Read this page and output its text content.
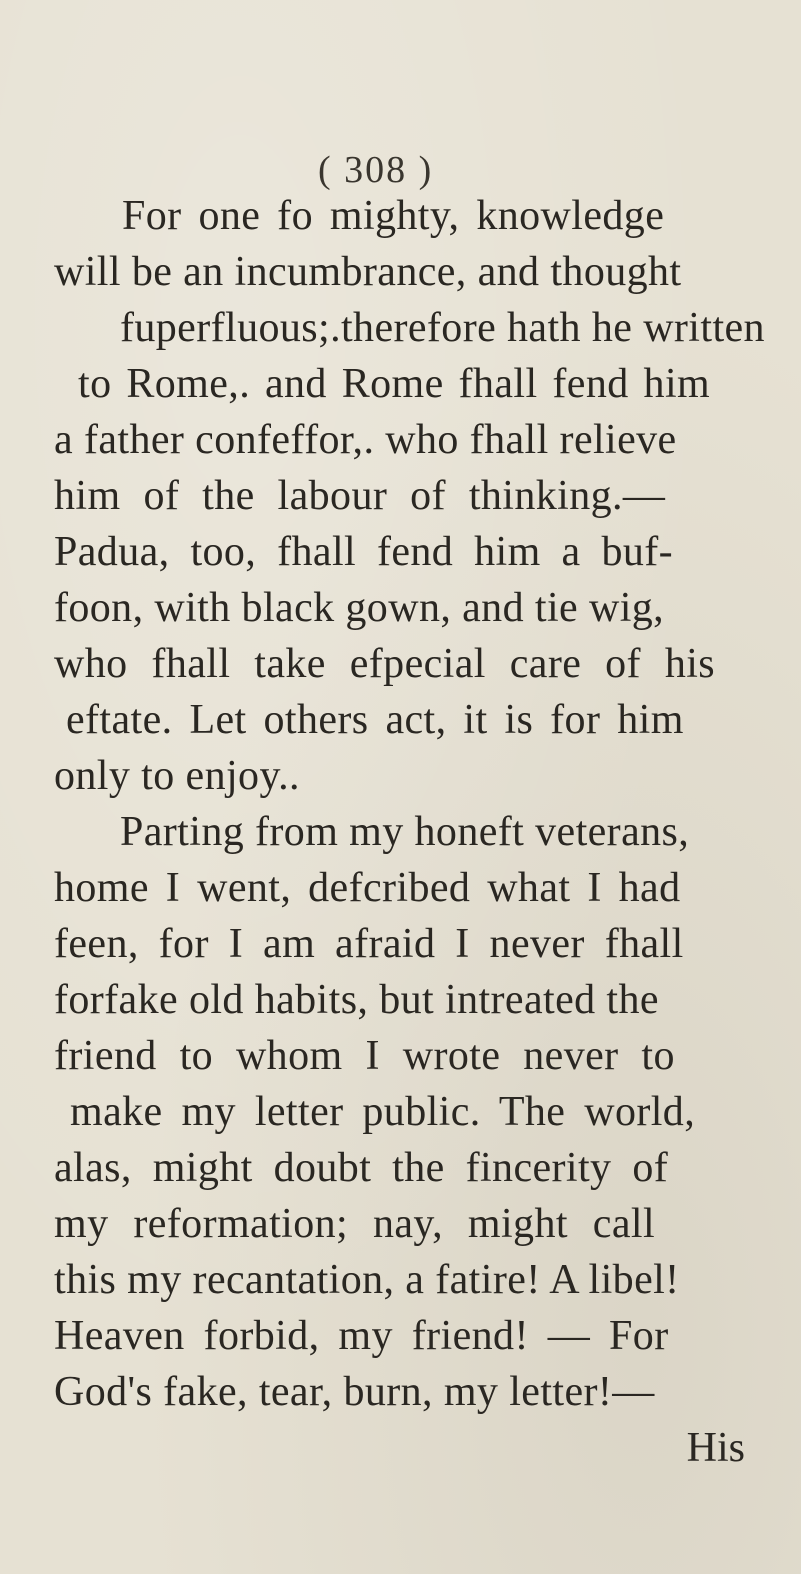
( 308 )
For one fo mighty, knowledge
will be an incumbrance, and thought
fuperfluous;.therefore hath he written
to Rome,. and Rome fhall fend him
a father confeffor,. who fhall relieve
him of the labour of thinking.—
Padua, too, fhall fend him a buf-
foon, with black gown, and tie wig,
who fhall take efpecial care of his
eftate. Let others act, it is for him
only to enjoy..
Parting from my honeft veterans,
home I went, defcribed what I had
feen, for I am afraid I never fhall
forfake old habits, but intreated the
friend to whom I wrote never to
make my letter public. The world,
alas, might doubt the fincerity of
my reformation; nay, might call
this my recantation, a fatire! A libel!
Heaven forbid, my friend! — For
God's fake, tear, burn, my letter!—
His
